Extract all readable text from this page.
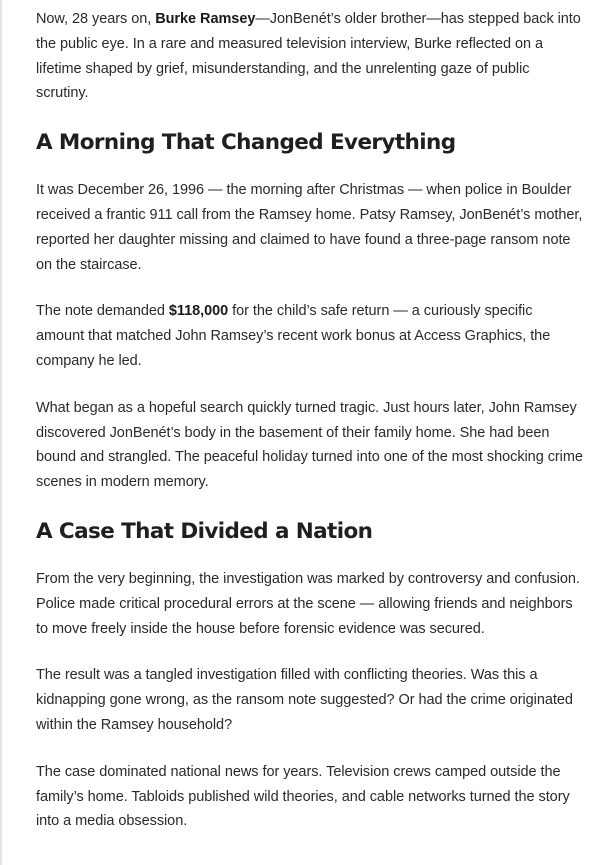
Now, 28 years on, Burke Ramsey—JonBenét’s older brother—has stepped back into the public eye. In a rare and measured television interview, Burke reflected on a lifetime shaped by grief, misunderstanding, and the unrelenting gaze of public scrutiny.

A Morning That Changed Everything

It was December 26, 1996 — the morning after Christmas — when police in Boulder received a frantic 911 call from the Ramsey home. Patsy Ramsey, JonBenét’s mother, reported her daughter missing and claimed to have found a three-page ransom note on the staircase.

The note demanded $118,000 for the child’s safe return — a curiously specific amount that matched John Ramsey’s recent work bonus at Access Graphics, the company he led.

What began as a hopeful search quickly turned tragic. Just hours later, John Ramsey discovered JonBenét’s body in the basement of their family home. She had been bound and strangled. The peaceful holiday turned into one of the most shocking crime scenes in modern memory.

A Case That Divided a Nation

From the very beginning, the investigation was marked by controversy and confusion. Police made critical procedural errors at the scene — allowing friends and neighbors to move freely inside the house before forensic evidence was secured.

The result was a tangled investigation filled with conflicting theories. Was this a kidnapping gone wrong, as the ransom note suggested? Or had the crime originated within the Ramsey household?

The case dominated national news for years. Television crews camped outside the family’s home. Tabloids published wild theories, and cable networks turned the story into a media obsession.
